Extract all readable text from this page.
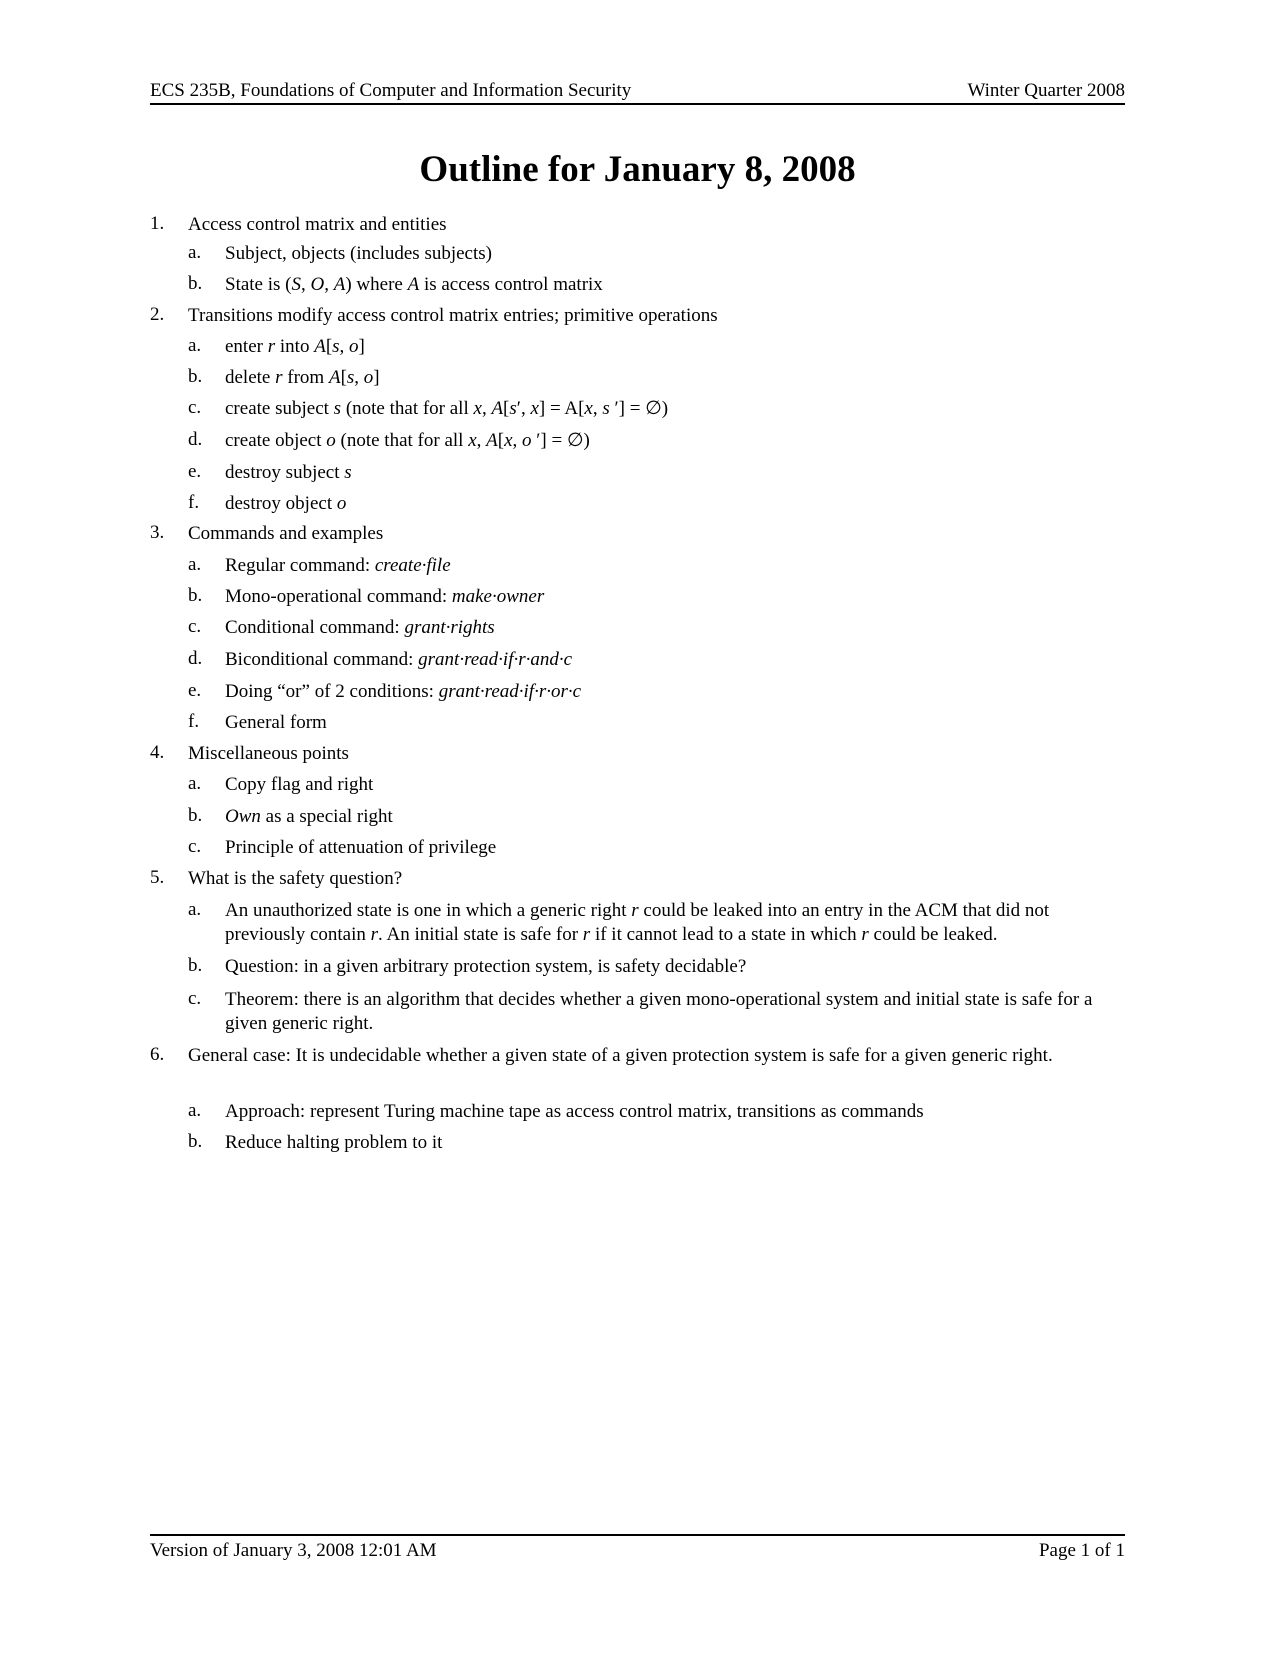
ECS 235B, Foundations of Computer and Information Security	Winter Quarter 2008
Outline for January 8, 2008
1. Access control matrix and entities
a. Subject, objects (includes subjects)
b. State is (S, O, A) where A is access control matrix
2. Transitions modify access control matrix entries; primitive operations
a. enter r into A[s, o]
b. delete r from A[s, o]
c. create subject s (note that for all x, A[s′, x] = A[x, s ′] = ∅)
d. create object o (note that for all x, A[x, o ′] = ∅)
e. destroy subject s
f. destroy object o
3. Commands and examples
a. Regular command: create·file
b. Mono-operational command: make·owner
c. Conditional command: grant·rights
d. Biconditional command: grant·read·if·r·and·c
e. Doing “or” of 2 conditions: grant·read·if·r·or·c
f. General form
4. Miscellaneous points
a. Copy flag and right
b. Own as a special right
c. Principle of attenuation of privilege
5. What is the safety question?
a. An unauthorized state is one in which a generic right r could be leaked into an entry in the ACM that did not previously contain r. An initial state is safe for r if it cannot lead to a state in which r could be leaked.
b. Question: in a given arbitrary protection system, is safety decidable?
c. Theorem: there is an algorithm that decides whether a given mono-operational system and initial state is safe for a given generic right.
6. General case: It is undecidable whether a given state of a given protection system is safe for a given generic right.
a. Approach: represent Turing machine tape as access control matrix, transitions as commands
b. Reduce halting problem to it
Version of January 3, 2008 12:01 AM	Page 1 of 1
